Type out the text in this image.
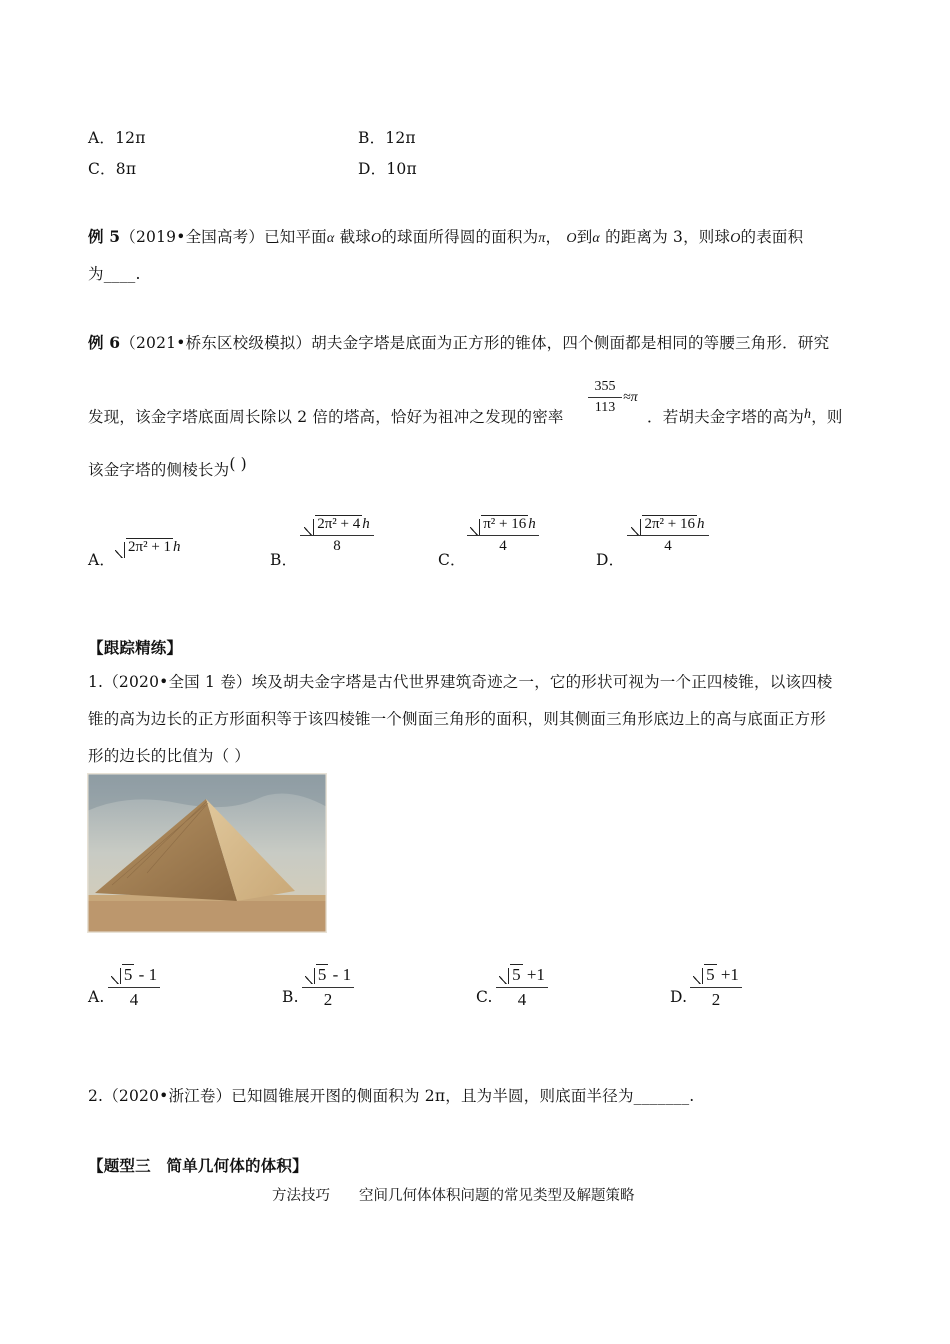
A．12π	B．12π
C．8π	D．10π
例 5（2019•全国高考）已知平面α 截球O的球面所得圆的面积为π， O到α 的距离为 3，则球O的表面积
为____.
例 6（2021•桥东区校级模拟）胡夫金字塔是底面为正方形的锥体，四个侧面都是相同的等腰三角形．研究
发现，该金字塔底面周长除以 2 倍的塔高，恰好为祖冲之发现的密率
$\frac{355}{113} \approx\pi$
．若胡夫金字塔的高为h，则
该金字塔的侧棱长为( )
A．
2π² + 1 h
B．
$\frac{\text{2π² + 4 h}}{8}$
C．
$\frac{\text{π² + 16 h}}{4}$
D．
$\frac{\text{2π² + 16 h}}{4}$
【跟踪精练】
1.（2020•全国 1 卷）埃及胡夫金字塔是古代世界建筑奇迹之一，它的形状可视为一个正四棱锥，以该四棱
锥的高为边长的正方形面积等于该四棱锥一个侧面三角形的面积，则其侧面三角形底边上的高与底面正方形
形的边长的比值为（ ）
A. $\frac{5 - 1}{4}$	B. $\frac{5 - 1}{2}$	C. $\frac{5 +1}{4}$	D. $\frac{5 +1}{2}$
2.（2020•浙江卷）已知圆锥展开图的侧面积为 2π，且为半圆，则底面半径为_______.
【题型三　简单几何体的体积】
方法技巧　　空间几何体体积问题的常见类型及解题策略
